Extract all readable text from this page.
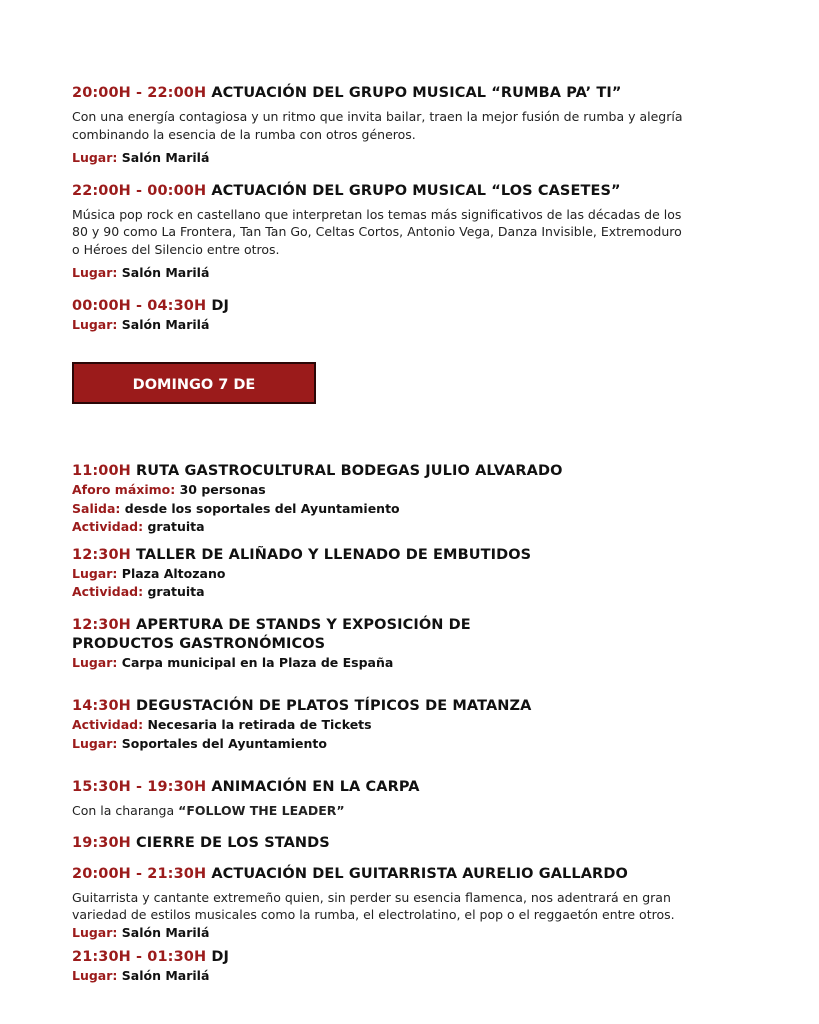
20:00H - 22:00H ACTUACIÓN DEL GRUPO MUSICAL “RUMBA PA’ TI”

Con una energía contagiosa y un ritmo que invita bailar, traen la mejor fusión de rumba y alegría
combinando la esencia de la rumba con otros géneros.

Lugar: Salón Marilá

22:00H - 00:00H ACTUACIÓN DEL GRUPO MUSICAL “LOS CASETES”

Música pop rock en castellano que interpretan los temas más significativos de las décadas de los
80 y 90 como La Frontera, Tan Tan Go, Celtas Cortos, Antonio Vega, Danza Invisible, Extremoduro
o Héroes del Silencio entre otros.

Lugar: Salón Marilá

00:00H - 04:30H DJ

Lugar: Salón Marilá

DOMINGO 7 DE DICIEMBRE

11:00H RUTA GASTROCULTURAL BODEGAS JULIO ALVARADO

Aforo máximo: 30 personas

Salida: desde los soportales del Ayuntamiento

Actividad: gratuita

12:30H TALLER DE ALIÑADO Y LLENADO DE EMBUTIDOS

Lugar: Plaza Altozano

Actividad: gratuita

12:30H APERTURA DE STANDS Y EXPOSICIÓN DE
PRODUCTOS GASTRONÓMICOS

Lugar: Carpa municipal en la Plaza de España

14:30H DEGUSTACIÓN DE PLATOS TÍPICOS DE MATANZA

Actividad: Necesaria la retirada de Tickets

Lugar: Soportales del Ayuntamiento

15:30H - 19:30H ANIMACIÓN EN LA CARPA

Con la charanga “FOLLOW THE LEADER”

19:30H CIERRE DE LOS STANDS

20:00H - 21:30H ACTUACIÓN DEL GUITARRISTA AURELIO GALLARDO

Guitarrista y cantante extremeño quien, sin perder su esencia flamenca, nos adentrará en gran
variedad de estilos musicales como la rumba, el electrolatino, el pop o el reggaetón entre otros.

Lugar: Salón Marilá

21:30H - 01:30H DJ

Lugar: Salón Marilá
